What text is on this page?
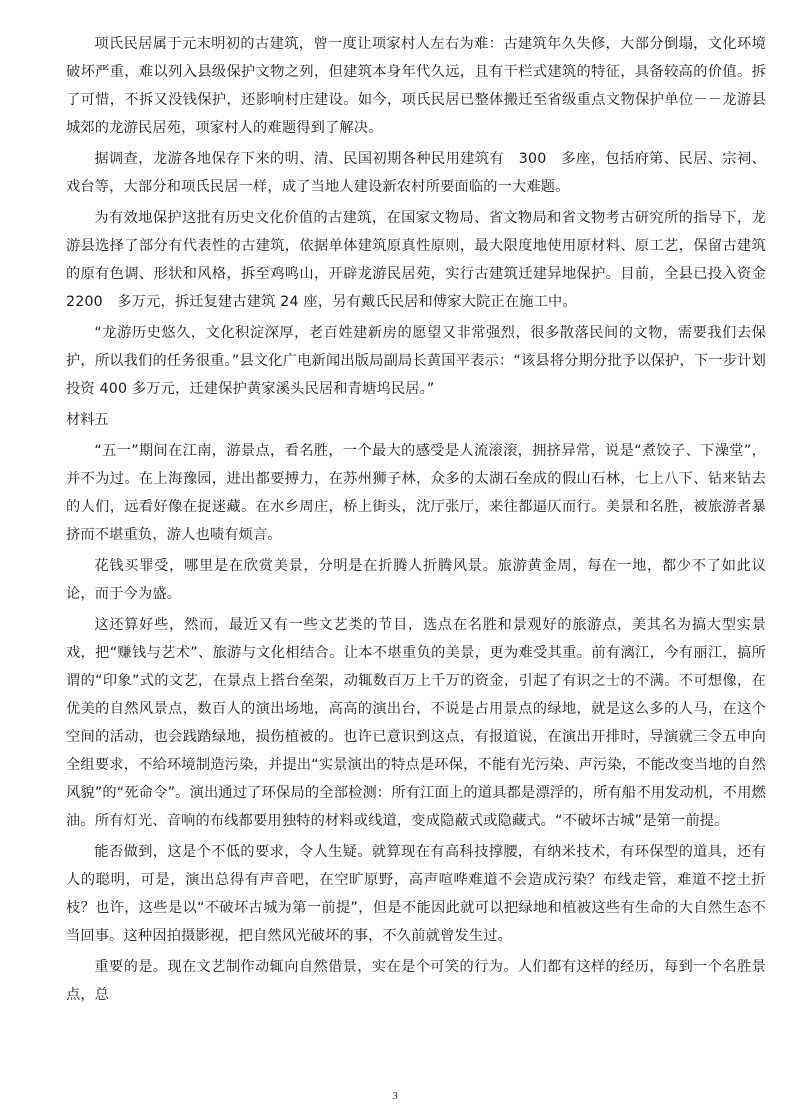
项氏民居属于元末明初的古建筑，曾一度让项家村人左右为难：古建筑年久失修，大部分倒塌，文化环境破坏严重，难以列入县级保护文物之列，但建筑本身年代久远，且有干栏式建筑的特征，具备较高的价值。拆了可惜，不拆又没钱保护，还影响村庄建设。如今，项氏民居已整体搬迁至省级重点文物保护单位－－龙游县城郊的龙游民居苑，项家村人的难题得到了解决。

据调查，龙游各地保存下来的明、清、民国初期各种民用建筑有　300　多座，包括府第、民居、宗祠、戏台等，大部分和项氏民居一样，成了当地人建设新农村所要面临的一大难题。

为有效地保护这批有历史文化价值的古建筑，在国家文物局、省文物局和省文物考古研究所的指导下，龙游县选择了部分有代表性的古建筑，依据单体建筑原真性原则，最大限度地使用原材料、原工艺，保留古建筑的原有色调、形状和风格，拆至鸡鸣山，开辟龙游民居苑，实行古建筑迁建异地保护。目前，全县已投入资金 2200　多万元，拆迁复建古建筑 24 座，另有戴氏民居和傅家大院正在施工中。

“龙游历史悠久，文化积淀深厚，老百姓建新房的愿望又非常强烈，很多散落民间的文物，需要我们去保护，所以我们的任务很重。”县文化广电新闻出版局副局长黄国平表示：“该县将分期分批予以保护，下一步计划投资 400 多万元，迁建保护黄家溪头民居和青塘坞民居。”

材料五

“五一”期间在江南，游景点，看名胜，一个最大的感受是人流滚滚，拥挤异常，说是“煮饺子、下澡堂”，并不为过。在上海豫园，进出都要搏力，在苏州狮子林，众多的太湖石垒成的假山石林，七上八下、钻来钻去的人们，远看好像在捉迷藏。在水乡周庄，桥上街头，沈厅张厅，来往都逼仄而行。美景和名胜，被旅游者暴挤而不堪重负，游人也啧有烦言。

花钱买罪受，哪里是在欣赏美景，分明是在折腾人折腾风景。旅游黄金周，每在一地，都少不了如此议论，而于今为盛。

这还算好些，然而，最近又有一些文艺类的节目，选点在名胜和景观好的旅游点，美其名为搞大型实景戏，把“赚钱与艺术”、旅游与文化相结合。让本不堪重负的美景，更为难受其重。前有漓江，今有丽江，搞所谓的“印象”式的文艺，在景点上搭台垒架，动辄数百万上千万的资金，引起了有识之士的不满。不可想像，在优美的自然风景点，数百人的演出场地，高高的演出台，不说是占用景点的绿地，就是这么多的人马，在这个空间的活动，也会践踏绿地，损伤植被的。也许已意识到这点，有报道说，在演出开排时，导演就三令五申向全组要求，不给环境制造污染，并提出“实景演出的特点是环保，不能有光污染、声污染，不能改变当地的自然风貌”的“死命令”。演出通过了环保局的全部检测：所有江面上的道具都是漂浮的，所有船不用发动机，不用燃油。所有灯光、音响的布线都要用独特的材料或线道，变成隐蔽式或隐藏式。“不破坏古城”是第一前提。

能否做到，这是个不低的要求，令人生疑。就算现在有高科技撑腰，有纳米技术，有环保型的道具，还有人的聪明，可是，演出总得有声音吧，在空旷原野，高声喧哗难道不会造成污染？布线走管，难道不挖土折枝？也许，这些是以“不破坏古城为第一前提”，但是不能因此就可以把绿地和植被这些有生命的大自然生态不当回事。这种因拍摄影视，把自然风光破坏的事，不久前就曾发生过。

重要的是。现在文艺制作动辄向自然借景，实在是个可笑的行为。人们都有这样的经历，每到一个名胜景点，总

3
